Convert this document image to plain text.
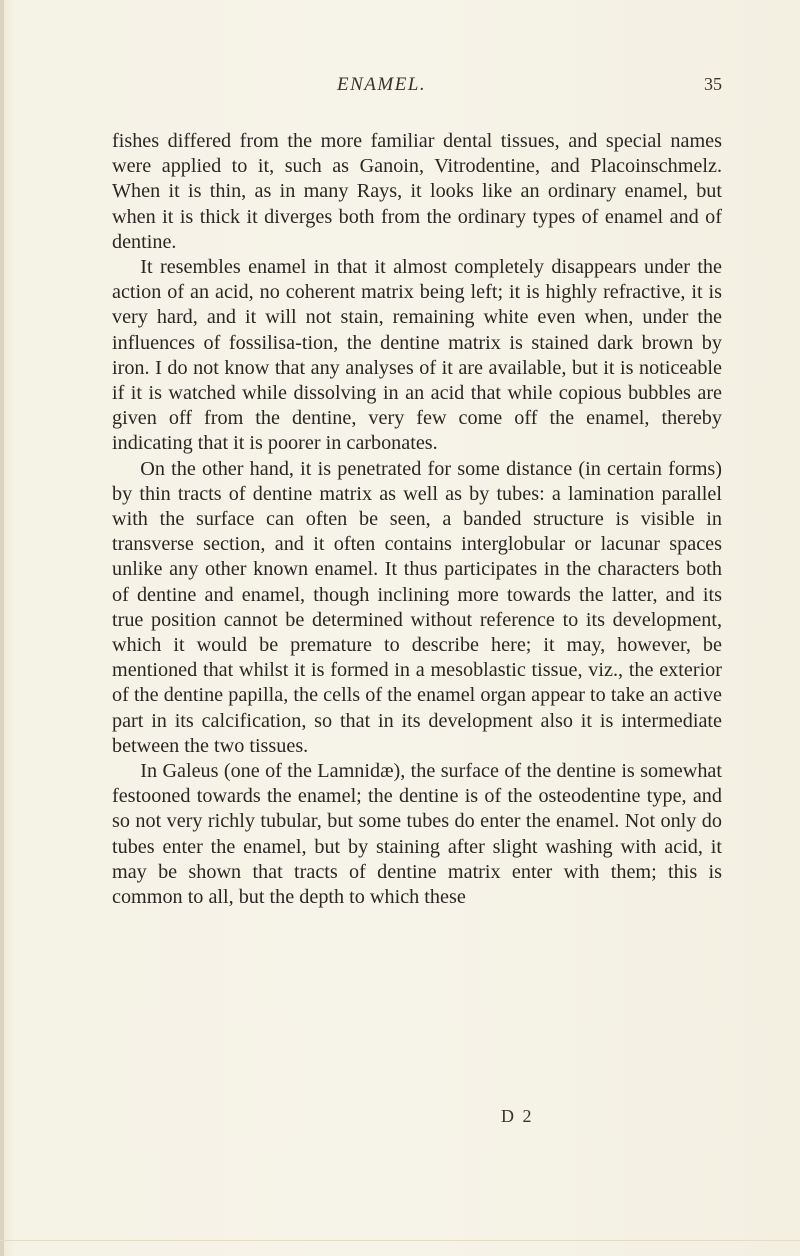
ENAMEL.	35

fishes differed from the more familiar dental tissues, and special names were applied to it, such as Ganoin, Vitrodentine, and Placoinschmelz. When it is thin, as in many Rays, it looks like an ordinary enamel, but when it is thick it diverges both from the ordinary types of enamel and of dentine.

It resembles enamel in that it almost completely disappears under the action of an acid, no coherent matrix being left; it is highly refractive, it is very hard, and it will not stain, remaining white even when, under the influences of fossilisa-tion, the dentine matrix is stained dark brown by iron. I do not know that any analyses of it are available, but it is noticeable if it is watched while dissolving in an acid that while copious bubbles are given off from the dentine, very few come off the enamel, thereby indicating that it is poorer in carbonates.

On the other hand, it is penetrated for some distance (in certain forms) by thin tracts of dentine matrix as well as by tubes: a lamination parallel with the surface can often be seen, a banded structure is visible in transverse section, and it often contains interglobular or lacunar spaces unlike any other known enamel. It thus participates in the characters both of dentine and enamel, though inclining more towards the latter, and its true position cannot be determined without reference to its development, which it would be premature to describe here; it may, however, be mentioned that whilst it is formed in a mesoblastic tissue, viz., the exterior of the dentine papilla, the cells of the enamel organ appear to take an active part in its calcification, so that in its development also it is intermediate between the two tissues.

In Galeus (one of the Lamnidæ), the surface of the dentine is somewhat festooned towards the enamel; the dentine is of the osteodentine type, and so not very richly tubular, but some tubes do enter the enamel. Not only do tubes enter the enamel, but by staining after slight washing with acid, it may be shown that tracts of dentine matrix enter with them; this is common to all, but the depth to which these

D 2
